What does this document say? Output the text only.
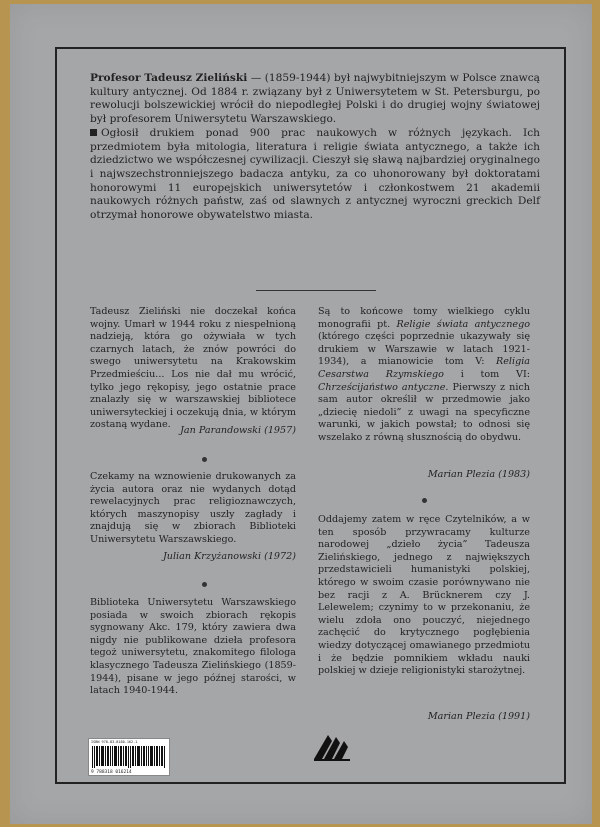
Profesor Tadeusz Zieliński — (1859-1944) był najwybitniejszym w Polsce znawcą kultury antycznej. Od 1884 r. związany był z Uniwersytetem w St. Petersburgu, po rewolucji bolszewickiej wrócił do niepodległej Polski i do drugiej wojny światowej był profesorem Uniwersytetu Warszawskiego.

Ogłosił drukiem ponad 900 prac naukowych w różnych językach. Ich przedmiotem była mitologia, literatura i religie świata antycznego, a także ich dziedzictwo we współczesnej cywilizacji. Cieszył się sławą najbardziej oryginalnego i najwszechstronniejszego badacza antyku, za co uhonorowany był doktoratami honorowymi 11 europejskich uniwersytetów i członkostwem 21 akademii naukowych różnych państw, zaś od slawnych z antycznej wyroczni greckich Delf otrzymał honorowe obywatelstwo miasta.

Tadeusz Zieliński nie doczekał końca wojny. Umarł w 1944 roku z niespełnioną nadzieją, która go ożywiała w tych czarnych latach, że znów powróci do swego uniwersytetu na Krakowskim Przedmieściu... Los nie dał mu wrócić, tylko jego rękopisy, jego ostatnie prace znalazły się w warszawskiej bibliotece uniwersyteckiej i oczekują dnia, w którym zostaną wydane.

Jan Parandowski (1957)

Czekamy na wznowienie drukowanych za życia autora oraz nie wydanych dotąd rewelacyjnych prac religioznawczych, których maszynopisy uszły zagłady i znajdują się w zbiorach Biblioteki Uniwersytetu Warszawskiego.

Julian Krzyżanowski (1972)

Biblioteka Uniwersytetu Warszawskiego posiada w swoich zbiorach rękopis sygnowany Akc. 179, który zawiera dwa nigdy nie publikowane dzieła profesora tegoż uniwersytetu, znakomitego filologa klasycznego Tadeusza Zielińskiego (1859-1944), pisane w jego późnej starości, w latach 1940-1944.

Są to końcowe tomy wielkiego cyklu monografii pt. Religie świata antycznego (którego części poprzednie ukazywały się drukiem w Warszawie w latach 1921-1934), a mianowicie tom V: Religia Cesarstwa Rzymskiego i tom VI: Chrześcijaństwo antyczne. Pierwszy z nich sam autor określił w przedmowie jako „dziecię niedoli” z uwagi na specyficzne warunki, w jakich powstał; to odnosi się wszelako z równą słusznością do obydwu.

Marian Plezia (1983)

Oddajemy zatem w ręce Czytelników, a w ten sposób przywracamy kulturze narodowej „dzieło życia” Tadeusza Zielińskiego, jednego z największych przedstawicieli humanistyki polskiej, którego w swoim czasie porównywano nie bez racji z A. Brücknerem czy J. Lelewelem; czynimy to w przekonaniu, że wielu zdoła ono pouczyć, niejednego zachęcić do krytycznego pogłębienia wiedzy dotyczącej omawianego przedmiotu i że będzie pomnikiem wkładu nauki polskiej w dzieje religionistyki starożytnej.

Marian Plezia (1991)
ISBN 978-83-8180-162-1
9 788318 016214
